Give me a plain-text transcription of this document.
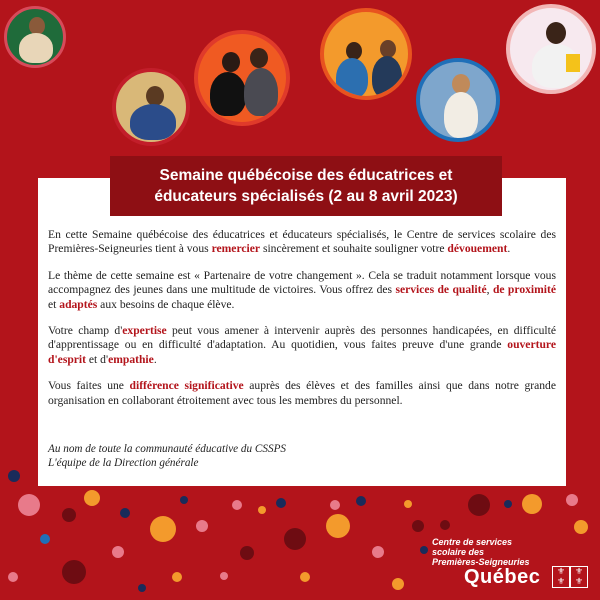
Semaine québécoise des éducatrices et
éducateurs spécialisés (2 au 8 avril 2023)

En cette Semaine québécoise des éducatrices et éducateurs spécialisés, le Centre de services scolaire des Premières-Seigneuries tient à vous remercier sincèrement et souhaite souligner votre dévouement.

Le thème de cette semaine est « Partenaire de votre changement ». Cela se traduit notamment lorsque vous accompagnez des jeunes dans une multitude de victoires. Vous offrez des services de qualité, de proximité et adaptés aux besoins de chaque élève.

Votre champ d'expertise peut vous amener à intervenir auprès des personnes handicapées, en difficulté d'apprentissage ou en difficulté d'adaptation. Au quotidien, vous faites preuve d'une grande ouverture d'esprit et d'empathie.

Vous faites une différence significative auprès des élèves et des familles ainsi que dans notre grande organisation en collaborant étroitement avec tous les membres du personnel.

Au nom de toute la communauté éducative du CSSPS
L'équipe de la Direction générale
Centre de services
scolaire des
Premières-Seigneuries
Québec ⚜ ⚜
⚜ ⚜
